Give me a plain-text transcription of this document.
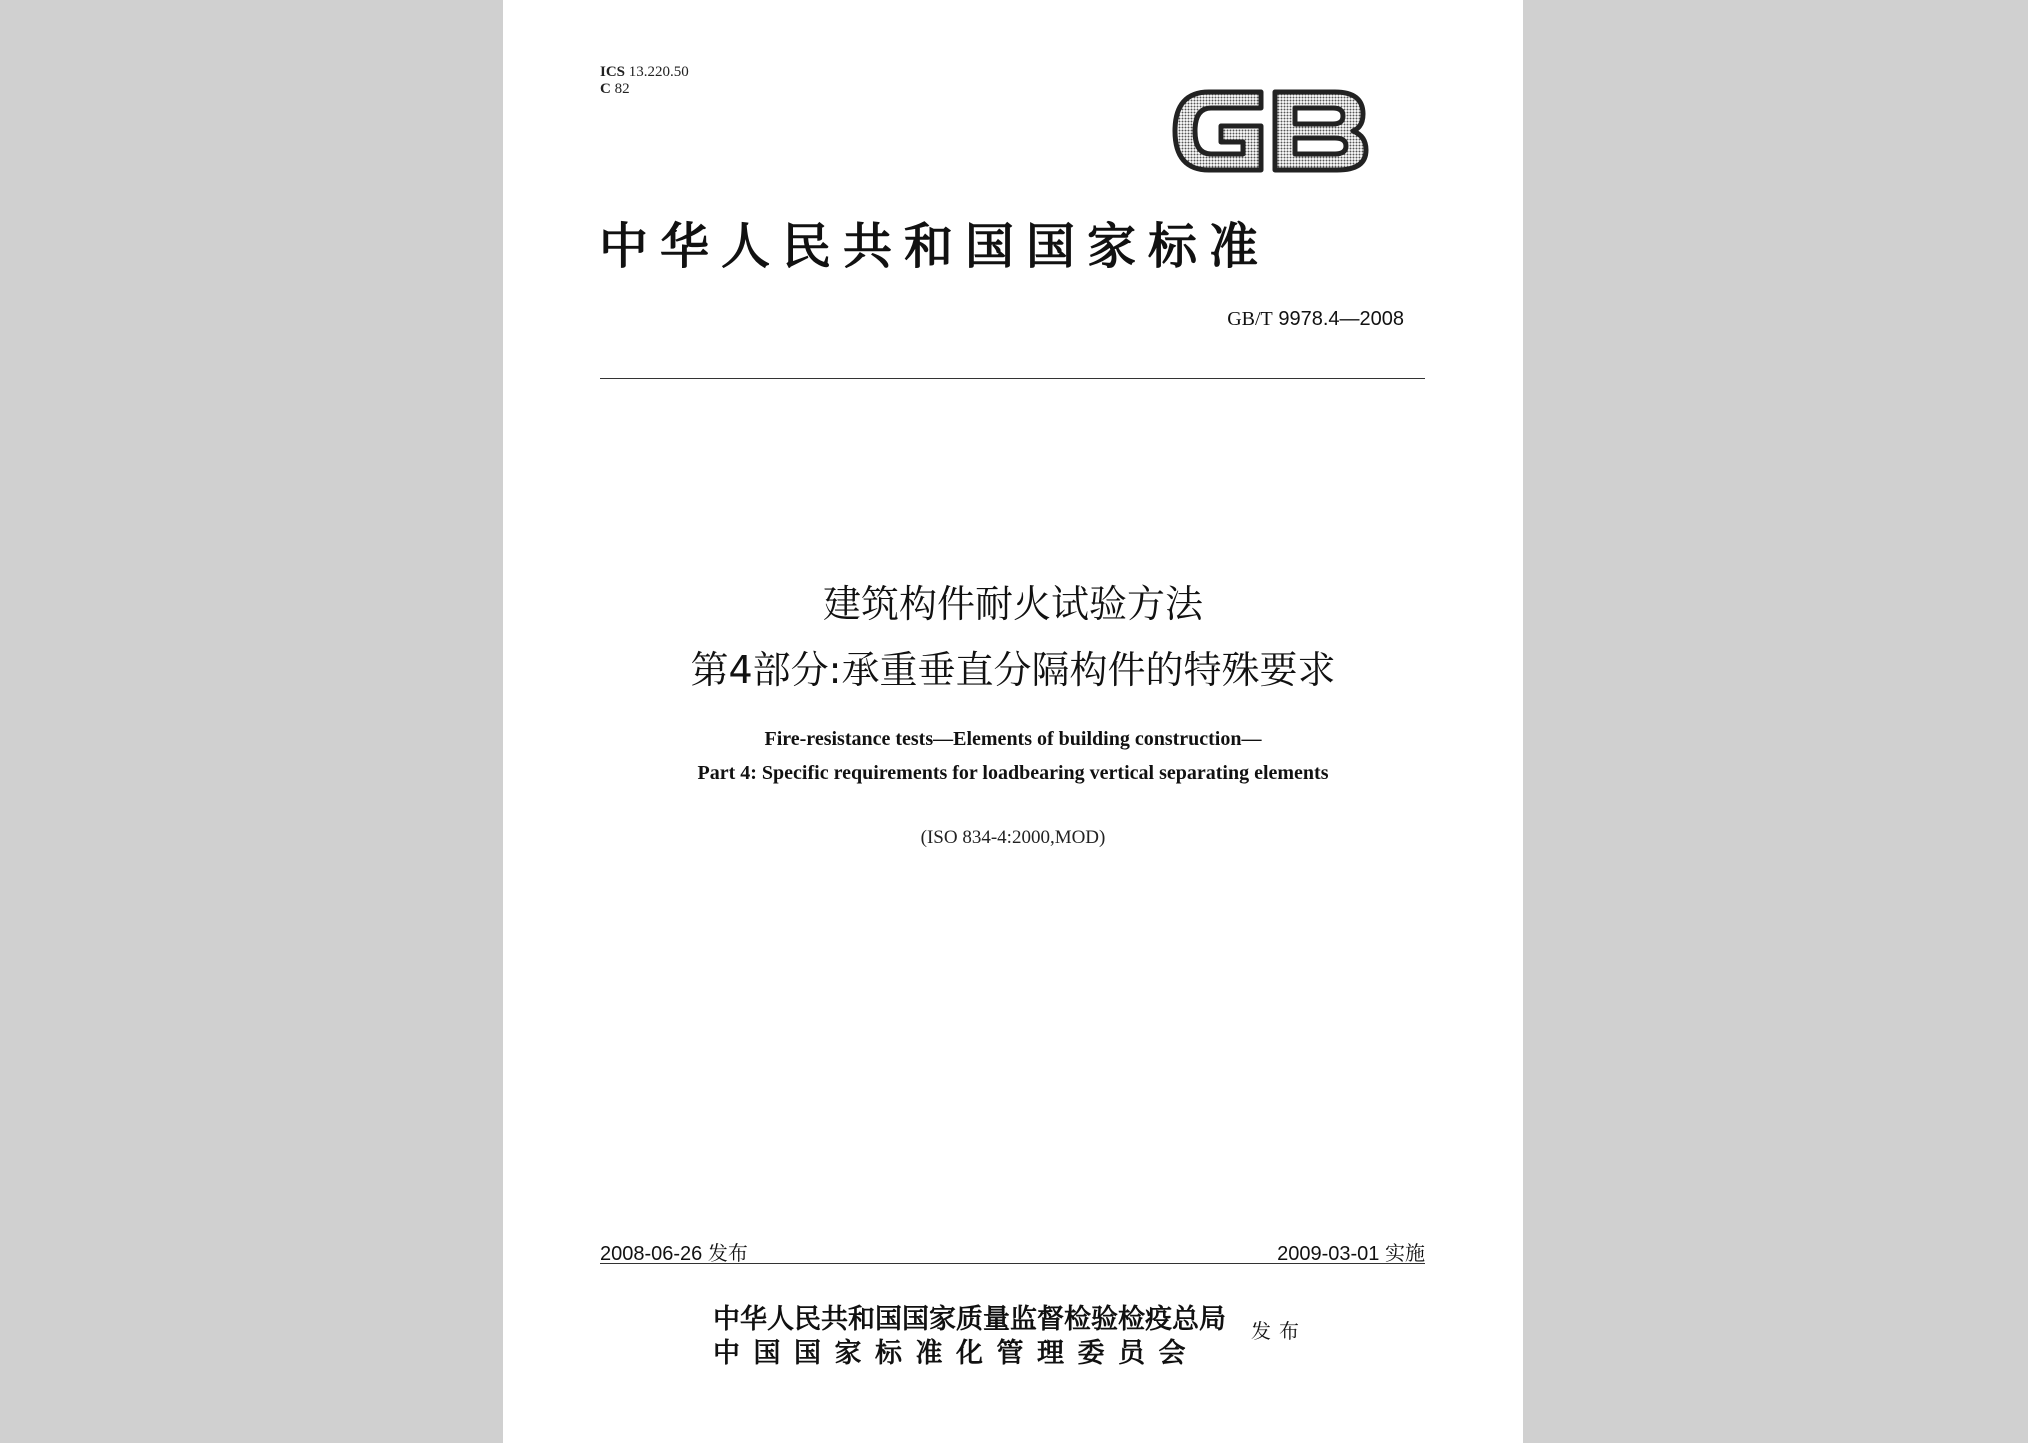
ICS 13.220.50
C 82
中华人民共和国国家标准
GB/T 9978.4—2008
建筑构件耐火试验方法
第4部分:承重垂直分隔构件的特殊要求
Fire-resistance tests—Elements of building construction—
Part 4: Specific requirements for loadbearing vertical separating elements
(ISO 834-4:2000,MOD)
2008-06-26 发布	2009-03-01 实施
中华人民共和国国家质量监督检验检疫总局
中国国家标准化管理委员会
发布
